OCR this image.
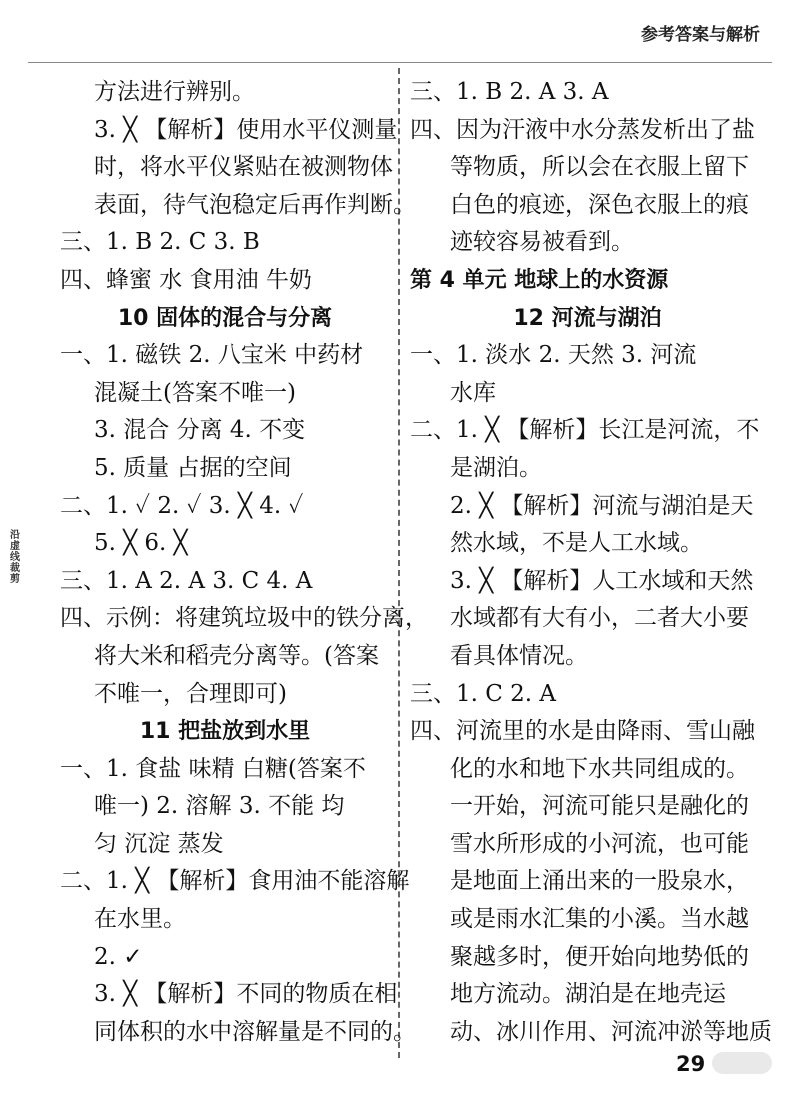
参考答案与解析
沿虚线裁剪
方法进行辨别。
3. ╳ 【解析】使用水平仪测量
时，将水平仪紧贴在被测物体
表面，待气泡稳定后再作判断。
三、1. B 2. C 3. B
四、蜂蜜 水 食用油 牛奶
10 固体的混合与分离
一、1. 磁铁 2. 八宝米 中药材
混凝土(答案不唯一)
3. 混合 分离 4. 不变
5. 质量 占据的空间
二、1. ✓ 2. ✓ 3. ╳ 4. ✓
5. ╳ 6. ╳
三、1. A 2. A 3. C 4. A
四、示例：将建筑垃圾中的铁分离，
将大米和稻壳分离等。(答案
不唯一，合理即可)
11 把盐放到水里
一、1. 食盐 味精 白糖(答案不
唯一) 2. 溶解 3. 不能 均
匀 沉淀 蒸发
二、1. ╳ 【解析】食用油不能溶解
在水里。
2. ✓
3. ╳ 【解析】不同的物质在相
同体积的水中溶解量是不同的。
三、1. B 2. A 3. A
四、因为汗液中水分蒸发析出了盐
等物质，所以会在衣服上留下
白色的痕迹，深色衣服上的痕
迹较容易被看到。
第 4 单元 地球上的水资源
12 河流与湖泊
一、1. 淡水 2. 天然 3. 河流
水库
二、1. ╳ 【解析】长江是河流，不
是湖泊。
2. ╳ 【解析】河流与湖泊是天
然水域，不是人工水域。
3. ╳ 【解析】人工水域和天然
水域都有大有小，二者大小要
看具体情况。
三、1. C 2. A
四、河流里的水是由降雨、雪山融
化的水和地下水共同组成的。
一开始，河流可能只是融化的
雪水所形成的小河流，也可能
是地面上涌出来的一股泉水，
或是雨水汇集的小溪。当水越
聚越多时，便开始向地势低的
地方流动。湖泊是在地壳运
动、冰川作用、河流冲淤等地质
29
